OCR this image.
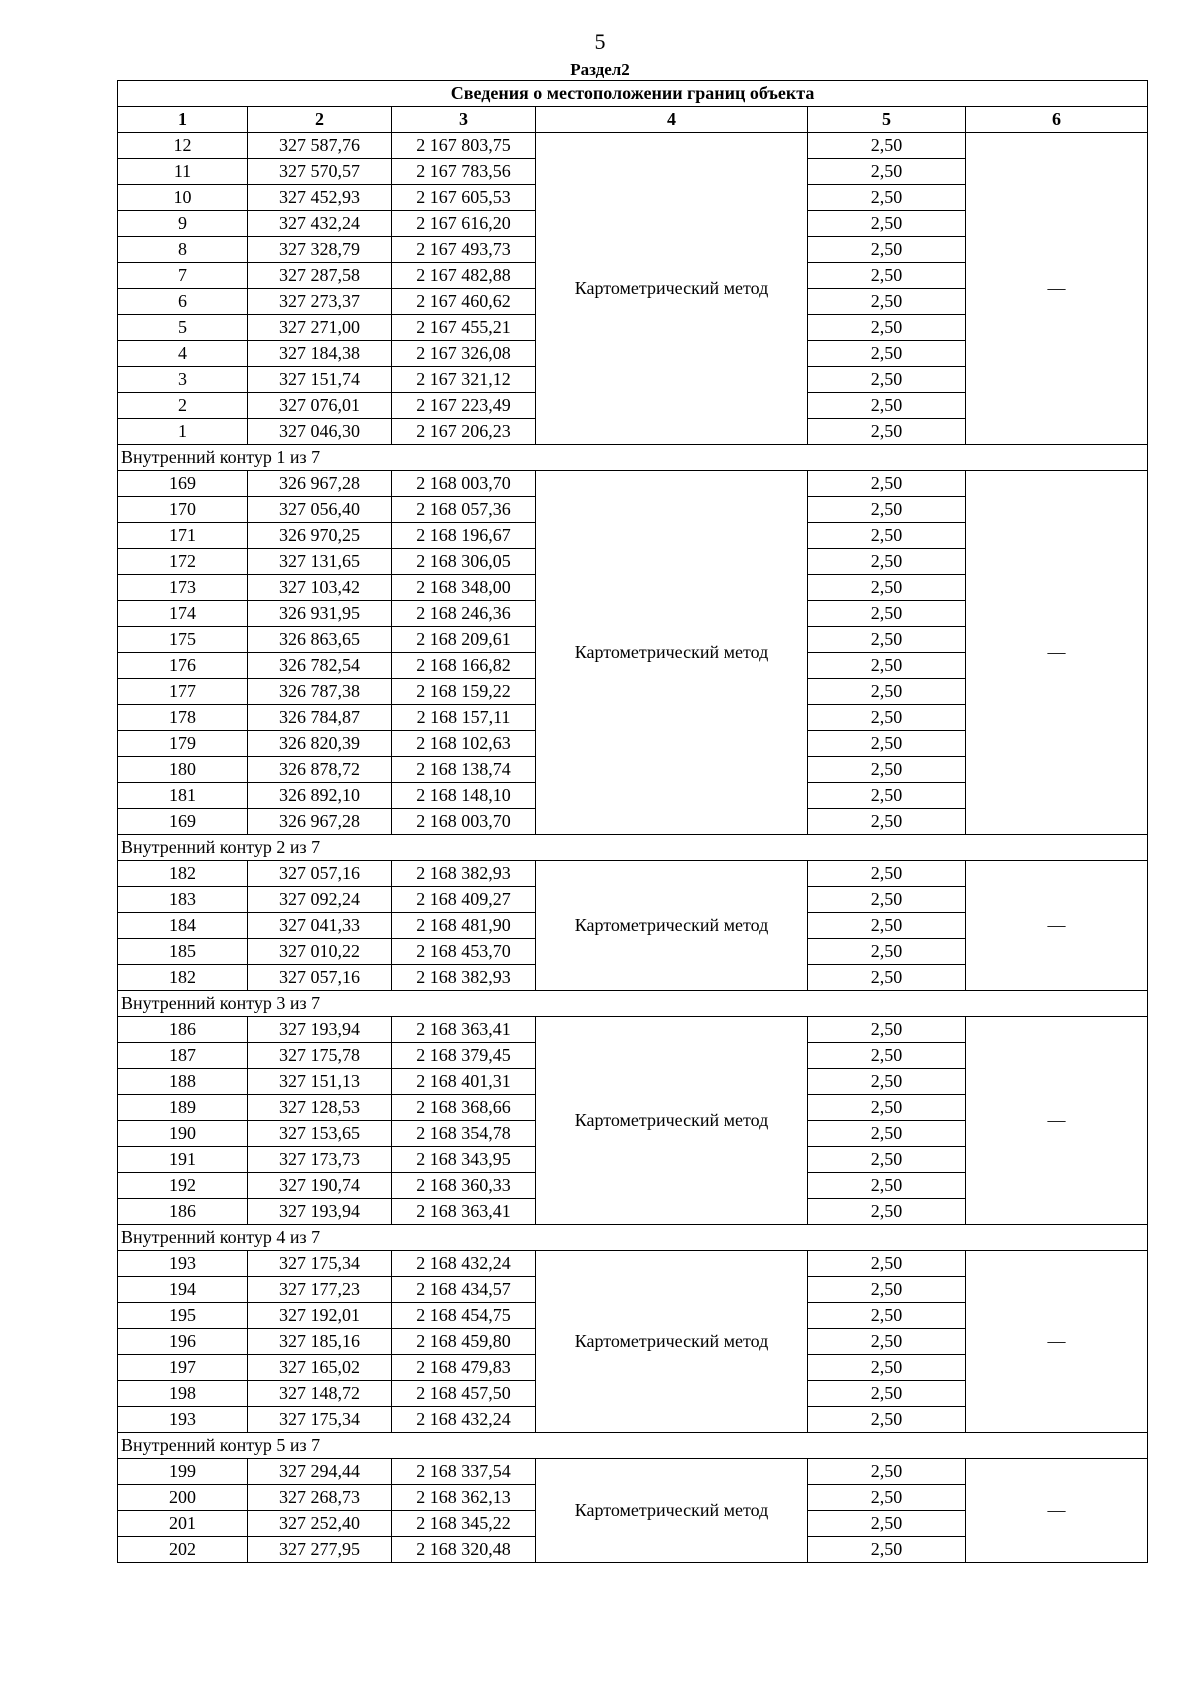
5
Раздел2
Сведения о местоположении границ объекта					
1	2	3	4	5	6
12	327 587,76	2 167 803,75	Картометрический метод	2,50	—
11	327 570,57	2 167 783,56		2,50	
10	327 452,93	2 167 605,53		2,50	
9	327 432,24	2 167 616,20		2,50	
8	327 328,79	2 167 493,73		2,50	
7	327 287,58	2 167 482,88		2,50	
6	327 273,37	2 167 460,62		2,50	
5	327 271,00	2 167 455,21		2,50	
4	327 184,38	2 167 326,08		2,50	
3	327 151,74	2 167 321,12		2,50	
2	327 076,01	2 167 223,49		2,50	
1	327 046,30	2 167 206,23		2,50	
Внутренний контур 1 из 7					
169	326 967,28	2 168 003,70	Картометрический метод	2,50	—
170	327 056,40	2 168 057,36		2,50	
171	326 970,25	2 168 196,67		2,50	
172	327 131,65	2 168 306,05		2,50	
173	327 103,42	2 168 348,00		2,50	
174	326 931,95	2 168 246,36		2,50	
175	326 863,65	2 168 209,61		2,50	
176	326 782,54	2 168 166,82		2,50	
177	326 787,38	2 168 159,22		2,50	
178	326 784,87	2 168 157,11		2,50	
179	326 820,39	2 168 102,63		2,50	
180	326 878,72	2 168 138,74		2,50	
181	326 892,10	2 168 148,10		2,50	
169	326 967,28	2 168 003,70		2,50	
Внутренний контур 2 из 7					
182	327 057,16	2 168 382,93	Картометрический метод	2,50	—
183	327 092,24	2 168 409,27		2,50	
184	327 041,33	2 168 481,90		2,50	
185	327 010,22	2 168 453,70		2,50	
182	327 057,16	2 168 382,93		2,50	
Внутренний контур 3 из 7					
186	327 193,94	2 168 363,41	Картометрический метод	2,50	—
187	327 175,78	2 168 379,45		2,50	
188	327 151,13	2 168 401,31		2,50	
189	327 128,53	2 168 368,66		2,50	
190	327 153,65	2 168 354,78		2,50	
191	327 173,73	2 168 343,95		2,50	
192	327 190,74	2 168 360,33		2,50	
186	327 193,94	2 168 363,41		2,50	
Внутренний контур 4 из 7					
193	327 175,34	2 168 432,24	Картометрический метод	2,50	—
194	327 177,23	2 168 434,57		2,50	
195	327 192,01	2 168 454,75		2,50	
196	327 185,16	2 168 459,80		2,50	
197	327 165,02	2 168 479,83		2,50	
198	327 148,72	2 168 457,50		2,50	
193	327 175,34	2 168 432,24		2,50	
Внутренний контур 5 из 7					
199	327 294,44	2 168 337,54	Картометрический метод	2,50	—
200	327 268,73	2 168 362,13		2,50	
201	327 252,40	2 168 345,22		2,50	
202	327 277,95	2 168 320,48		2,50	
